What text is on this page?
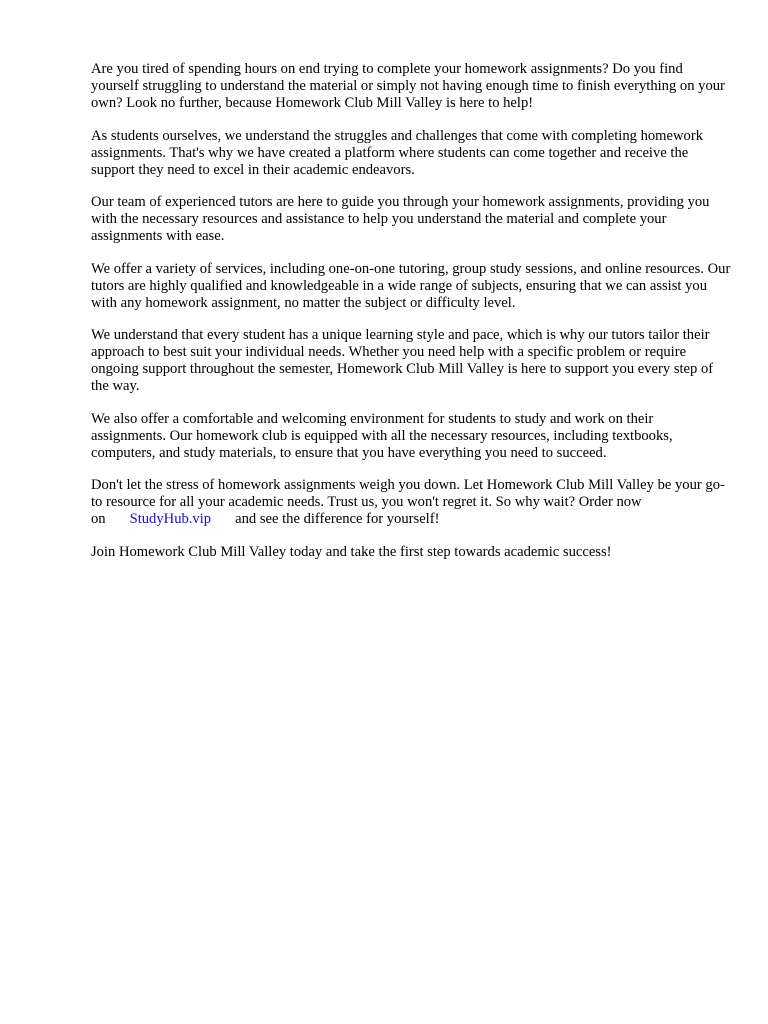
Are you tired of spending hours on end trying to complete your homework assignments? Do you find yourself struggling to understand the material or simply not having enough time to finish everything on your own? Look no further, because Homework Club Mill Valley is here to help!

As students ourselves, we understand the struggles and challenges that come with completing homework assignments. That's why we have created a platform where students can come together and receive the support they need to excel in their academic endeavors.

Our team of experienced tutors are here to guide you through your homework assignments, providing you with the necessary resources and assistance to help you understand the material and complete your assignments with ease.

We offer a variety of services, including one-on-one tutoring, group study sessions, and online resources. Our tutors are highly qualified and knowledgeable in a wide range of subjects, ensuring that we can assist you with any homework assignment, no matter the subject or difficulty level.

We understand that every student has a unique learning style and pace, which is why our tutors tailor their approach to best suit your individual needs. Whether you need help with a specific problem or require ongoing support throughout the semester, Homework Club Mill Valley is here to support you every step of the way.

We also offer a comfortable and welcoming environment for students to study and work on their assignments. Our homework club is equipped with all the necessary resources, including textbooks, computers, and study materials, to ensure that you have everything you need to succeed.

Don't let the stress of homework assignments weigh you down. Let Homework Club Mill Valley be your go-to resource for all your academic needs. Trust us, you won't regret it. So why wait? Order now on StudyHub.vip and see the difference for yourself!

Join Homework Club Mill Valley today and take the first step towards academic success!
